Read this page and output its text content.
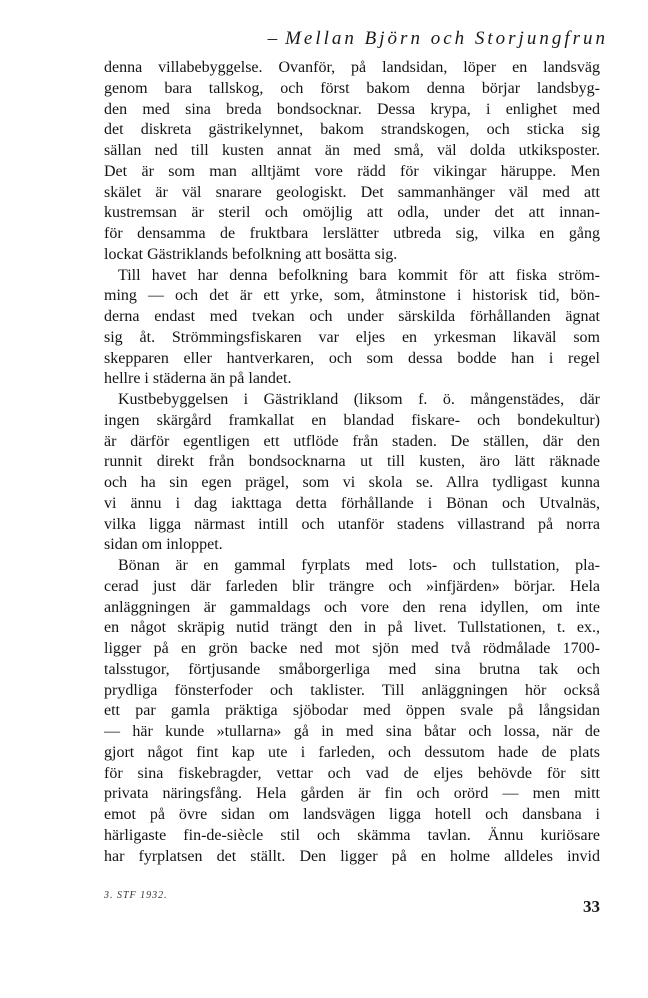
– Mellan Björn och Storjungfrun
denna villabebyggelse. Ovanför, på landsidan, löper en landsväg
genom bara tallskog, och först bakom denna börjar landsbyg-
den med sina breda bondsocknar. Dessa krypa, i enlighet med
det diskreta gästrikelynnet, bakom strandskogen, och sticka sig
sällan ned till kusten annat än med små, väl dolda utkiksposter.
Det är som man alltjämt vore rädd för vikingar häruppe. Men
skälet är väl snarare geologiskt. Det sammanhänger väl med att
kustremsan är steril och omöjlig att odla, under det att innan-
för densamma de fruktbara lerslätter utbreda sig, vilka en gång
lockat Gästriklands befolkning att bosätta sig.
Till havet har denna befolkning bara kommit för att fiska ström-
ming — och det är ett yrke, som, åtminstone i historisk tid, bön-
derna endast med tvekan och under särskilda förhållanden ägnat
sig åt. Strömmingsfiskaren var eljes en yrkesman likaväl som
skepparen eller hantverkaren, och som dessa bodde han i regel
hellre i städerna än på landet.
Kustbebyggelsen i Gästrikland (liksom f. ö. mångenstädes, där
ingen skärgård framkallat en blandad fiskare- och bondekultur)
är därför egentligen ett utflöde från staden. De ställen, där den
runnit direkt från bondsocknarna ut till kusten, äro lätt räknade
och ha sin egen prägel, som vi skola se. Allra tydligast kunna
vi ännu i dag iakttaga detta förhållande i Bönan och Utvalnäs,
vilka ligga närmast intill och utanför stadens villastrand på norra
sidan om inloppet.
Bönan är en gammal fyrplats med lots- och tullstation, pla-
cerad just där farleden blir trängre och »infjärden» börjar. Hela
anläggningen är gammaldags och vore den rena idyllen, om inte
en något skräpig nutid trängt den in på livet. Tullstationen, t. ex.,
ligger på en grön backe ned mot sjön med två rödmålade 1700-
talsstugor, förtjusande småborgerliga med sina brutna tak och
prydliga fönsterfoder och taklister. Till anläggningen hör också
ett par gamla präktiga sjöbodar med öppen svale på långsidan
— här kunde »tullarna» gå in med sina båtar och lossa, när de
gjort något fint kap ute i farleden, och dessutom hade de plats
för sina fiskebragder, vettar och vad de eljes behövde för sitt
privata näringsfång. Hela gården är fin och orörd — men mitt
emot på övre sidan om landsvägen ligga hotell och dansbana i
härligaste fin-de-siècle stil och skämma tavlan. Ännu kuriösare
har fyrplatsen det ställt. Den ligger på en holme alldeles invid
3. STF 1932.
33
